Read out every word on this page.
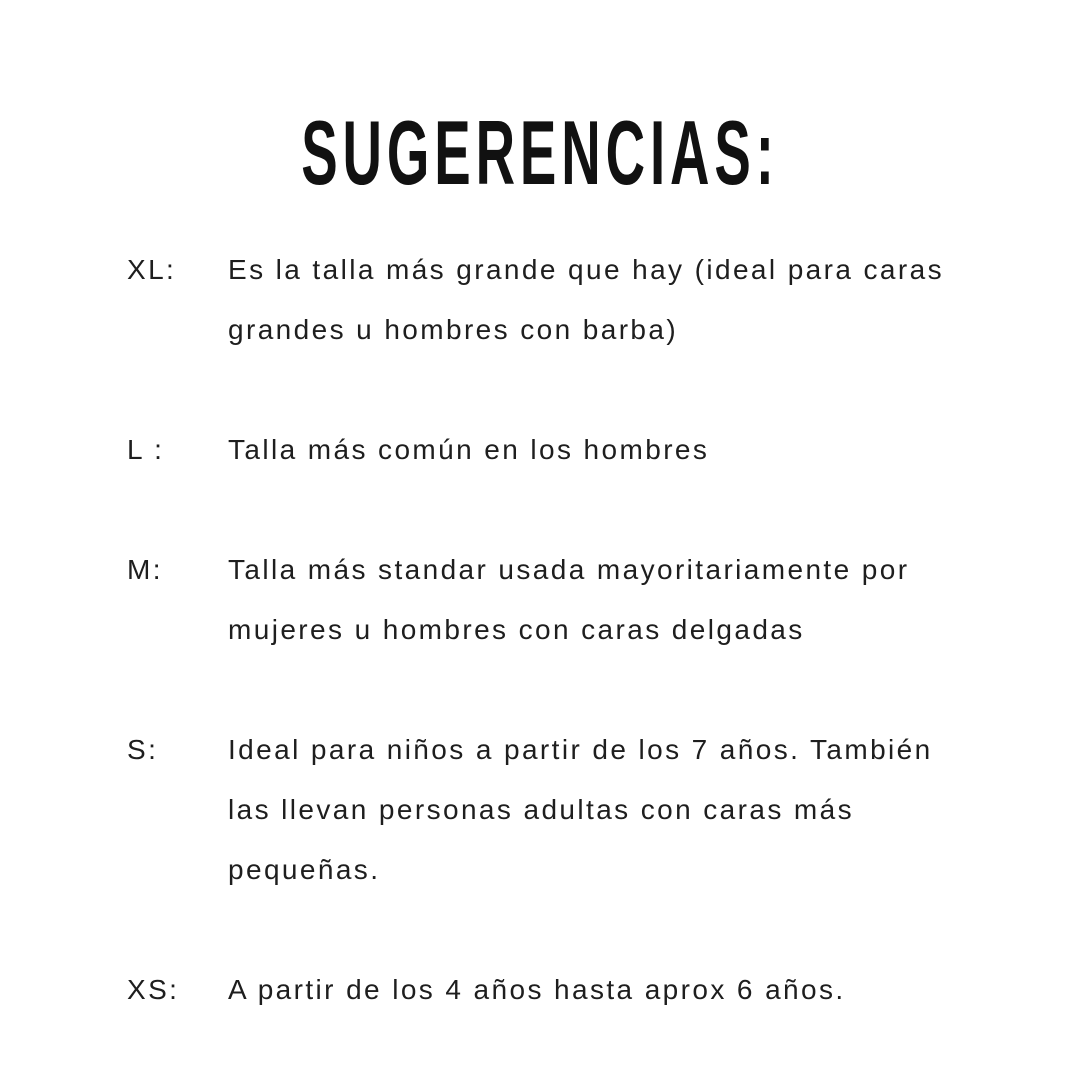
SUGERENCIAS:
XL:	Es la talla más grande que hay (ideal para caras
grandes u hombres con barba)
L :	Talla más común en los hombres
M:	Talla más standar usada mayoritariamente por
mujeres u hombres con caras delgadas
S:	Ideal para niños a partir de los 7 años. También
las llevan personas adultas con caras más
pequeñas.
XS:	A partir de los 4 años hasta aprox 6 años.
